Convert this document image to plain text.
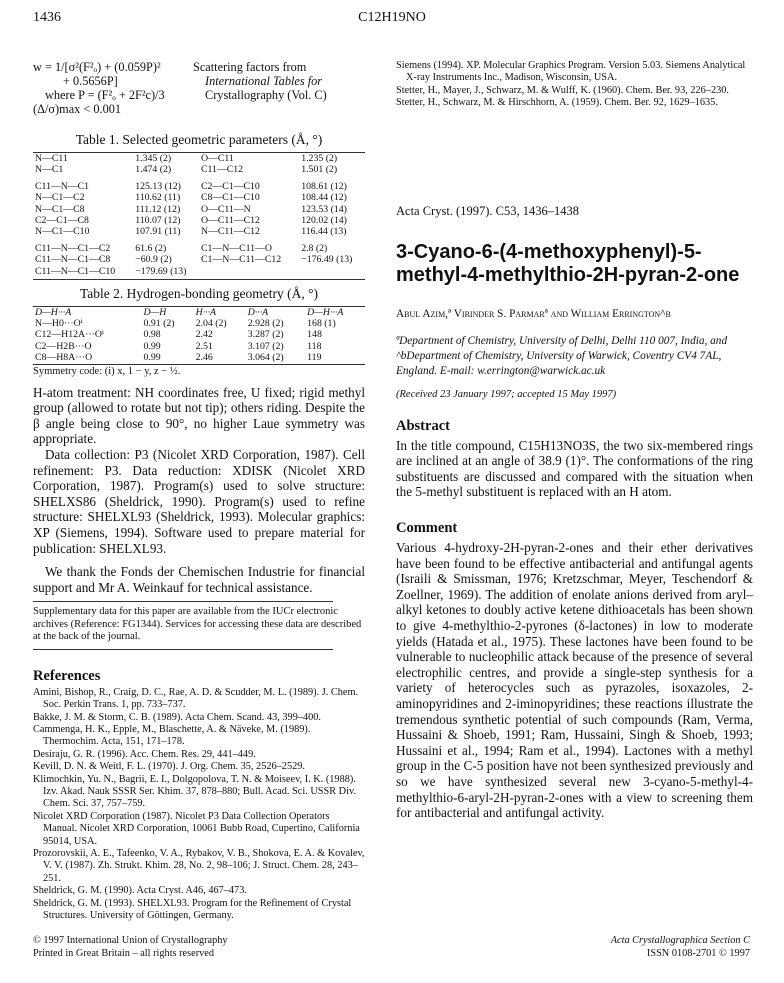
1436	C12H19NO
w = 1/[σ²(F²ₒ) + (0.059P)²
+ 0.5656P]
where P = (F²ₒ + 2F²c)/3
(Δ/σ)max < 0.001
Scattering factors from
International Tables for
Crystallography (Vol. C)
Table 1. Selected geometric parameters (Å, °)
N—C11	1.345 (2)	O—C11	1.235 (2)
N—C1	1.474 (2)	C11—C12	1.501 (2)
C11—N—C1	125.13 (12)	C2—C1—C10	108.61 (12)
N—C1—C2	110.62 (11)	C8—C1—C10	108.44 (12)
N—C1—C8	111.12 (12)	O—C11—N	123.53 (14)
C2—C1—C8	110.07 (12)	O—C11—C12	120.02 (14)
N—C1—C10	107.91 (11)	N—C11—C12	116.44 (13)
C11—N—C1—C2	61.6 (2)	C1—N—C11—O	2.8 (2)
C11—N—C1—C8	−60.9 (2)	C1—N—C11—C12	−176.49 (13)
C11—N—C1—C10	−179.69 (13)		
Table 2. Hydrogen-bonding geometry (Å, °)
D—H···A	D—H	H···A	D···A	D—H···A
N—H0···Oⁱ	0.91 (2)	2.04 (2)	2.928 (2)	168 (1)
C12—H12A···Oⁱ	0.98	2.42	3.287 (2)	148
C2—H2B···O	0.99	2.51	3.107 (2)	118
C8—H8A···O	0.99	2.46	3.064 (2)	119
Symmetry code: (i) x, 1 − y, z − ½.

H-atom treatment: NH coordinates free, U fixed; rigid methyl group (allowed to rotate but not tip); others riding. Despite the β angle being close to 90°, no higher Laue symmetry was appropriate.

Data collection: P3 (Nicolet XRD Corporation, 1987). Cell refinement: P3. Data reduction: XDISK (Nicolet XRD Corporation, 1987). Program(s) used to solve structure: SHELXS86 (Sheldrick, 1990). Program(s) used to refine structure: SHELXL93 (Sheldrick, 1993). Molecular graphics: XP (Siemens, 1994). Software used to prepare material for publication: SHELXL93.

We thank the Fonds der Chemischen Industrie for financial support and Mr A. Weinkauf for technical assistance.

Supplementary data for this paper are available from the IUCr electronic archives (Reference: FG1344). Services for accessing these data are described at the back of the journal.
References
Amini, Bishop, R., Craig, D. C., Rae, A. D. & Scudder, M. L. (1989). J. Chem. Soc. Perkin Trans. 1, pp. 733–737.
Bakke, J. M. & Storm, C. B. (1989). Acta Chem. Scand. 43, 399–400.
Cammenga, H. K., Epple, M., Blaschette, A. & Näveke, M. (1989). Thermochim. Acta, 151, 171–178.
Desiraju, G. R. (1996). Acc. Chem. Res. 29, 441–449.
Kevill, D. N. & Weitl, F. L. (1970). J. Org. Chem. 35, 2526–2529.
Klimochkin, Yu. N., Bagrii, E. I., Dolgopolova, T. N. & Moiseev, I. K. (1988). Izv. Akad. Nauk SSSR Ser. Khim. 37, 878–880; Bull. Acad. Sci. USSR Div. Chem. Sci. 37, 757–759.
Nicolet XRD Corporation (1987). Nicolet P3 Data Collection Operators Manual. Nicolet XRD Corporation, 10061 Bubb Road, Cupertino, California 95014, USA.
Prozorovskii, A. E., Tafeenko, V. A., Rybakov, V. B., Shokova, E. A. & Kovalev, V. V. (1987). Zh. Strukt. Khim. 28, No. 2, 98–106; J. Struct. Chem. 28, 243–251.
Sheldrick, G. M. (1990). Acta Cryst. A46, 467–473.
Sheldrick, G. M. (1993). SHELXL93. Program for the Refinement of Crystal Structures. University of Göttingen, Germany.
Siemens (1994). XP. Molecular Graphics Program. Version 5.03. Siemens Analytical X-ray Instruments Inc., Madison, Wisconsin, USA.
Stetter, H., Mayer, J., Schwarz, M. & Wulff, K. (1960). Chem. Ber. 93, 226–230.
Stetter, H., Schwarz, M. & Hirschhorn, A. (1959). Chem. Ber. 92, 1629–1635.
Acta Cryst. (1997). C53, 1436–1438
3-Cyano-6-(4-methoxyphenyl)-5-methyl-4-methylthio-2H-pyran-2-one
Abul Azim,ª Virinder S. Parmarª and William Errington^b
ªDepartment of Chemistry, University of Delhi, Delhi 110 007, India, and ^bDepartment of Chemistry, University of Warwick, Coventry CV4 7AL, England. E-mail: w.errington@warwick.ac.uk
(Received 23 January 1997; accepted 15 May 1997)
Abstract

In the title compound, C15H13NO3S, the two six-membered rings are inclined at an angle of 38.9 (1)°. The conformations of the ring substituents are discussed and compared with the situation when the 5-methyl substituent is replaced with an H atom.

Comment

Various 4-hydroxy-2H-pyran-2-ones and their ether derivatives have been found to be effective antibacterial and antifungal agents (Israili & Smissman, 1976; Kretzschmar, Meyer, Teschendorf & Zoellner, 1969). The addition of enolate anions derived from aryl–alkyl ketones to doubly active ketene dithioacetals has been shown to give 4-methylthio-2-pyrones (δ-lactones) in low to moderate yields (Hatada et al., 1975). These lactones have been found to be vulnerable to nucleophilic attack because of the presence of several electrophilic centres, and provide a single-step synthesis for a variety of heterocycles such as pyrazoles, isoxazoles, 2-aminopyridines and 2-iminopyridines; these reactions illustrate the tremendous synthetic potential of such compounds (Ram, Verma, Hussaini & Shoeb, 1991; Ram, Hussaini, Singh & Shoeb, 1993; Hussaini et al., 1994; Ram et al., 1994). Lactones with a methyl group in the C-5 position have not been synthesized previously and so we have synthesized several new 3-cyano-5-methyl-4-methylthio-6-aryl-2H-pyran-2-ones with a view to screening them for antibacterial and antifungal activity.

© 1997 International Union of Crystallography
Printed in Great Britain – all rights reserved
Acta Crystallographica Section C
ISSN 0108-2701 © 1997
